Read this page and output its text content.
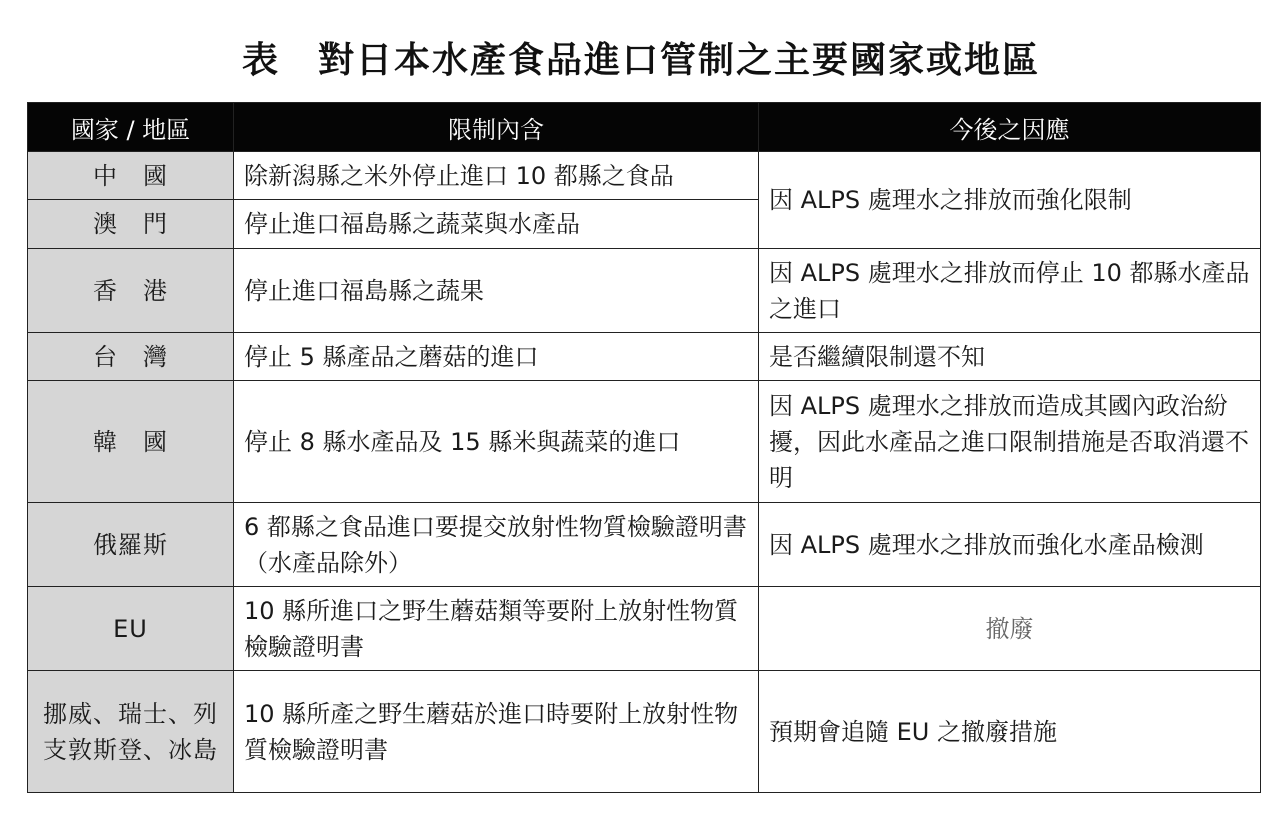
表　對日本水產食品進口管制之主要國家或地區
國家 / 地區	限制內含	今後之因應
中　國	除新潟縣之米外停止進口 10 都縣之食品	因 ALPS 處理水之排放而強化限制
澳　門	停止進口福島縣之蔬菜與水產品	
香　港	停止進口福島縣之蔬果	因 ALPS 處理水之排放而停止 10 都縣水產品之進口
台　灣	停止 5 縣產品之蘑菇的進口	是否繼續限制還不知
韓　國	停止 8 縣水產品及 15 縣米與蔬菜的進口	因 ALPS 處理水之排放而造成其國內政治紛擾，因此水產品之進口限制措施是否取消還不明
俄羅斯	6 都縣之食品進口要提交放射性物質檢驗證明書（水產品除外）	因 ALPS 處理水之排放而強化水產品檢測
EU	10 縣所進口之野生蘑菇類等要附上放射性物質檢驗證明書	撤廢
挪威、瑞士、列支敦斯登、冰島	10 縣所產之野生蘑菇於進口時要附上放射性物質檢驗證明書	預期會追隨 EU 之撤廢措施
